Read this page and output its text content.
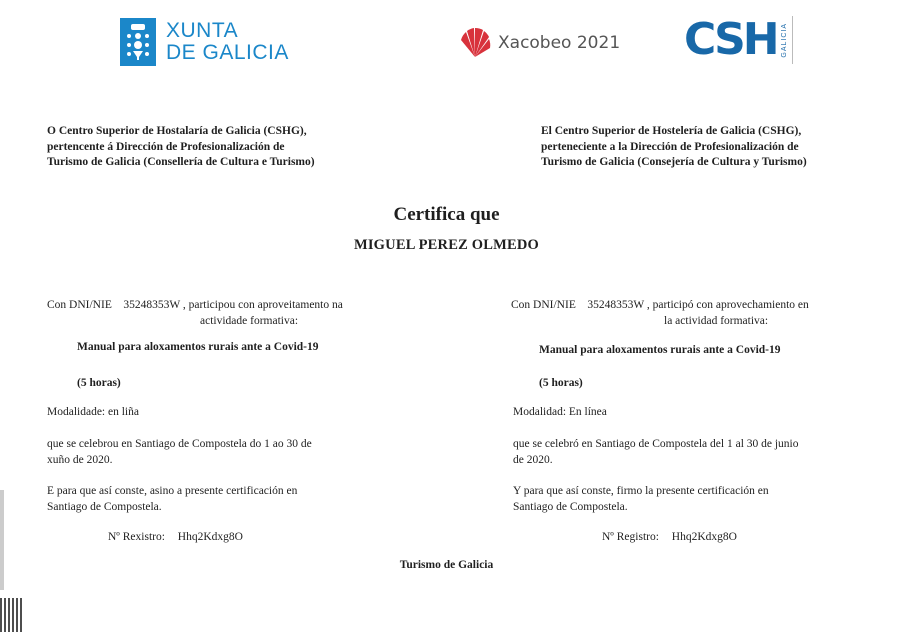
XUNTA
DE GALICIA	Xacobeo 2021 CSH GALICIA
O Centro Superior de Hostalaría de Galicia (CSHG),
pertencente á Dirección de Profesionalización de
Turismo de Galicia (Consellería de Cultura e Turismo)
El Centro Superior de Hostelería de Galicia (CSHG),
perteneciente a la Dirección de Profesionalización de
Turismo de Galicia (Consejería de Cultura y Turismo)
Certifica que
MIGUEL PEREZ OLMEDO
Con DNI/NIE    35248353W , participou con aproveitamento na
actividade formativa:
Manual para aloxamentos rurais ante a Covid-19
(5 horas)
Modalidade: en liña
que se celebrou en Santiago de Compostela do 1 ao 30 de
xuño de 2020.
E para que así conste, asino a presente certificación en
Santiago de Compostela.
Nº Rexistro: Hhq2Kdxg8O
Con DNI/NIE    35248353W , participó con aprovechamiento en
la actividad formativa:
Manual para aloxamentos rurais ante a Covid-19
(5 horas)
Modalidad: En línea
que se celebró en Santiago de Compostela del 1 al 30 de junio
de 2020.
Y para que así conste, firmo la presente certificación en
Santiago de Compostela.
Nº Registro: Hhq2Kdxg8O
Turismo de Galicia
